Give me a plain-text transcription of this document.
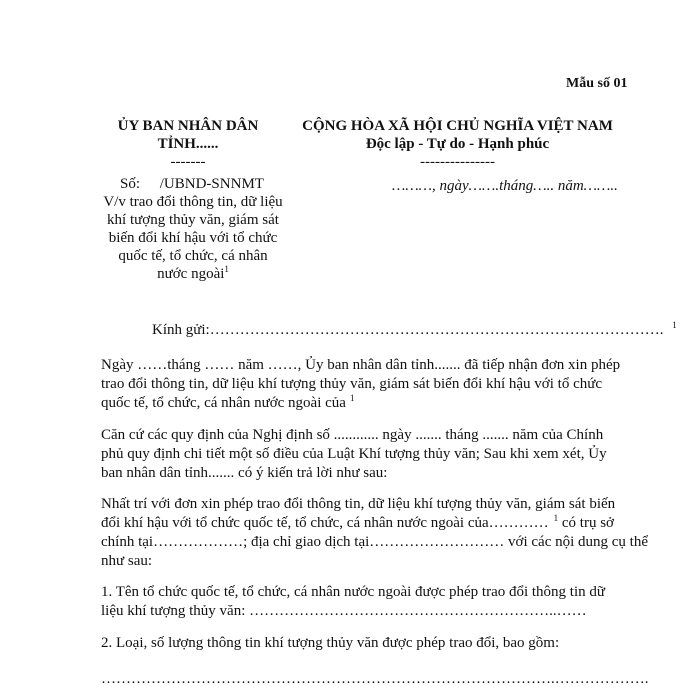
Mẫu số 01
ỦY BAN NHÂN DÂN
TỈNH......
-------
CỘNG HÒA XÃ HỘI CHỦ NGHĨA VIỆT NAM
Độc lập - Tự do - Hạnh phúc
---------------
Số: /UBND-SNNMT
V/v trao đổi thông tin, dữ liệu
khí tượng thủy văn, giám sát
biến đổi khí hậu với tổ chức
quốc tế, tổ chức, cá nhân
nước ngoài$^1$
………, ngày…….tháng….. năm……..
Kính gửi:………………………………………………………………………………. $^1$
Ngày ……tháng …… năm ……, Ủy ban nhân dân tỉnh....... đã tiếp nhận đơn xin phép
trao đổi thông tin, dữ liệu khí tượng thủy văn, giám sát biến đổi khí hậu với tổ chức
quốc tế, tổ chức, cá nhân nước ngoài của $^1$
Căn cứ các quy định của Nghị định số ............ ngày ....... tháng ....... năm của Chính
phủ quy định chi tiết một số điều của Luật Khí tượng thủy văn; Sau khi xem xét, Ủy
ban nhân dân tỉnh....... có ý kiến trả lời như sau:
Nhất trí với đơn xin phép trao đổi thông tin, dữ liệu khí tượng thủy văn, giám sát biến
đổi khí hậu với tổ chức quốc tế, tổ chức, cá nhân nước ngoài của………… $^1$ có trụ sở
chính tại………………; địa chỉ giao dịch tại……………………… với các nội dung cụ thể
như sau:
1. Tên tổ chức quốc tế, tổ chức, cá nhân nước ngoài được phép trao đổi thông tin dữ
liệu khí tượng thủy văn: ……………………………………………………..……
2. Loại, số lượng thông tin khí tượng thủy văn được phép trao đổi, bao gồm:
……………………………………………………………………………….……………….
